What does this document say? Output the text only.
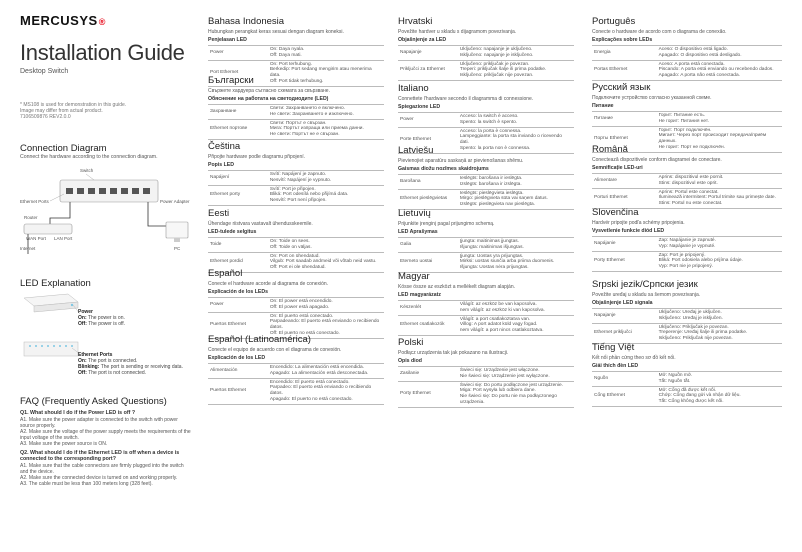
MERCUSYS®
Installation Guide
Desktop Switch
* MS108 is used for demonstration in this guide.
Image may differ from actual product.
7106509876 REV2.0.0
Connection Diagram
Connect the hardware according to the connection diagram.
Switch
Ethernet Ports	Power Adapter
Router
WAN Port LAN Port
Internet	PC
LED Explanation
Power
On: The power is on.
Off: The power is off.
Ethernet Ports
On: The port is connected.
Blinking: The port is sending or receiving data.
Off: The port is not connected.
FAQ (Frequently Asked Questions)
Q1. What should I do if the Power LED is off ?
A1. Make sure the power adapter is connected to the switch with power source properly.
A2. Make sure the voltage of the power supply meets the requirements of the input voltage of the switch.
A3. Make sure the power source is ON.
Q2. What should I do if the Ethernet LED is off when a device is connected to the corresponding port?
A1. Make sure that the cable connectors are firmly plugged into the switch and the device.
A2. Make sure the connected device is turned on and working properly.
A3. The cable must be less than 100 meters long (328 feet).
Bahasa Indonesia
Hubungkan perangkat keras sesuai dengan diagram koneksi.
Penjelasan LED
Power	On: Daya nyala.
Off: Daya mati.

Port Ethernet	On: Port terhubung.
Berkedip: Port sedang mengirim atau menerima data.
Off: Port tidak terhubung.
Български
Свържете хардуера съгласно схемата за свързване.
Обяснение на работата на светодиодите (LED)
Захранване	Свети: Захранването е включено.
Не свети: Захранването е изключено.

Ethernet портове	Свети: Портът е свързан.
Мига: Портът изпраща или приема данни.
Не свети: Портът не е свързан.
Čeština
Připojte hardware podle diagramu připojení.
Popis LED
Napájení	Svítí: Napájení je zapnuto.
Nesvítí: Napájení je vypnuto.

Ethernet porty	Svítí: Port je připojen.
Bliká: Port odesílá nebo přijímá data.
Nesvítí: Port není připojen.
Eesti
Ühendage riistvara vastavalt ühendusskeemile.
LED-tulede selgitus
Toide	On: Toide on sees.
Off: Toide on väljas.

Ethernet pordid	On: Port on ühendatud.
Vilgub: Port saadab andmeid või võtab neid vastu.
Off: Port ei ole ühendatud.
Español
Conecte el hardware acorde al diagrama de conexión.
Explicación de los LEDs
Power	On: El power está encendido.
Off: El power está apagado.

Puertos Ethernet	On: El puerto está conectado.
Parpadeando: El puerto está enviando o recibiendo datos.
Off: El puerto no está conectado.
Español (Latinoamérica)
Conecte el equipo de acuerdo con el diagrama de conexión.
Explicación de los LED
Alimentación	Encendido: La alimentación está encendida.
Apagado: La alimentación está desconectada.

Puertos Ethernet	Encendido: El puerto está conectado.
Parpadeo: El puerto está enviando o recibiendo datos.
Apagado: El puerto no está conectado.
Hrvatski
Povežite hardver u skladu s dijagramom povezivanja.
Objašnjenje za LED
Napajanje	Uključeno: napajanje je uključeno.
Isključeno: napajanje je isključeno.

Priključci za Ethernet	Uključeno: priključak je povezan.
Treperi: priključak šalje ili prima podatke.
Isključeno: priključak nije povezan.
Italiano
Connettete l'hardware secondo il diagramma di connessione.
Spiegazione LED
Power	Acceso: la switch è acceso.
Spento: la switch è spento.

Porte Ethernet	Acceso: la porta è connessa.
Lampeggiante: la porta sta inviando o ricevendo dati.
Spento: la porta non è connessa.
Latviešu
Pievienojiet aparatūru saskaņā ar pievienošanas shēmu.
Gaismas diožu nozīmes skaidrojums
Barošana	Ieslēgts: barošana ir ieslēgta.
Izslēgts: barošana ir izslēgta.

Ethernet pieslēgvietas	Ieslēgts: pieslēgvieta ieslēgta.
Mirgo: pieslēgvieta sūta vai saņem datus.
Izslēgts: pieslēgvieta nav pieslēgta.
Lietuvių
Prijunkite įrenginį pagal prijungimo schemą.
LED Aprašymas
Galia	Įjungta: maitinimas įjungtas.
Išjungta: maitinimas išjungtas.

Eterneto uostai	Įjungta: Uostas yra prijungtas.
Mirksi: uostas siunčia arba priima duomenis.
Išjungta: Uostas nėra prijungtas.
Magyar
Kösse össze az eszközt a mellékelt diagram alapján.
LED magyarázatz
Készenlét	Világít: az eszköz be van kapcsolva.
nem világít: az eszköz ki van kapcsolva.

Ethernet csatlakozók	Világít: a port csatlakoztatva van.
Villog: A port adatot küld vagy fogad.
nem világít: a port nincs csatlakoztatva.
Polski
Podłącz urządzenia tak jak pokazano na ilustracji.
Opis diod
Zasilanie	Świeci się: Urządzenie jest włączone.
Nie świeci się: Urządzenie jest wyłączone.

Porty Ethernet	Świeci się: Do portu podłączone jest urządzenie.
Miga: Port wysyła lub odbiera dane.
Nie świeci się: Do portu nie ma podłączonego urządzenia.
Português
Conecte o hardware de acordo com o diagrama de conexão.
Explicações sobre LEDs
Energia	Aceso: O dispositivo está ligado.
Apagado: O dispositivo está desligado.

Portas Ethernet	Aceso: A porta está conectada.
Piscando: A porta está enviando ou recebendo dados.
Apagado: A porta não está conectada.
Русский язык
Подключите устройство согласно указанной схеме.
Питание
Питание	Горит: Питание есть.
Не горит: Питания нет.

Порты Ethernet	Горит: Порт подключён.
Мигает: Через порт происходит передача/приём данных.
Не горит: Порт не подключён.
Română
Conectează dispozitivele conform diagramei de conectare.
Semnificație LED-uri
Alimentare	Aprins: dispozitivul este pornit.
Stins: dispozitivul este oprit.

Porturi Ethernet	Aprins: Portul este conectat.
Iluminează intermitent: Portul trimite sau primește date.
Stins: Portul nu este conectat.
Slovenčina
Hardvér pripojte podľa schémy pripojenia.
Vysvetlenie funkcie diód LED
Napájanie	Zap: Napájanie je zapnuté.
Vyp: Napájanie je vypnuté.

Porty Ethernet	Zap: Port je pripojený.
Bliká: Port odosiela alebo prijíma údaje.
Vyp: Port nie je pripojený.
Srpski jezik/Српски језик
Povežite uređaj u skladu sa šemom povezivanja.
Objašnjenje LED signala
Napajanje	Uključeno: Uređaj je uključen.
Isključeno: Uređaj je isključen.

Ethernet priključci	Uključeno: Priključak je povezan.
Treperenje: Uređaj šalje ili prima podatke.
Isključeno: Priključak nije povezan.
Tiếng Việt
Kết nối phần cứng theo sơ đồ kết nối.
Giải thích đèn LED
Nguồn	Mở: Nguồn mở.
Tắt: Nguồn tắt.

Cổng Ethernet	Mở: Cổng đã được kết nối.
Chớp: Cổng đang gửi và nhận dữ liệu.
Tắt: Cổng không được kết nối.
